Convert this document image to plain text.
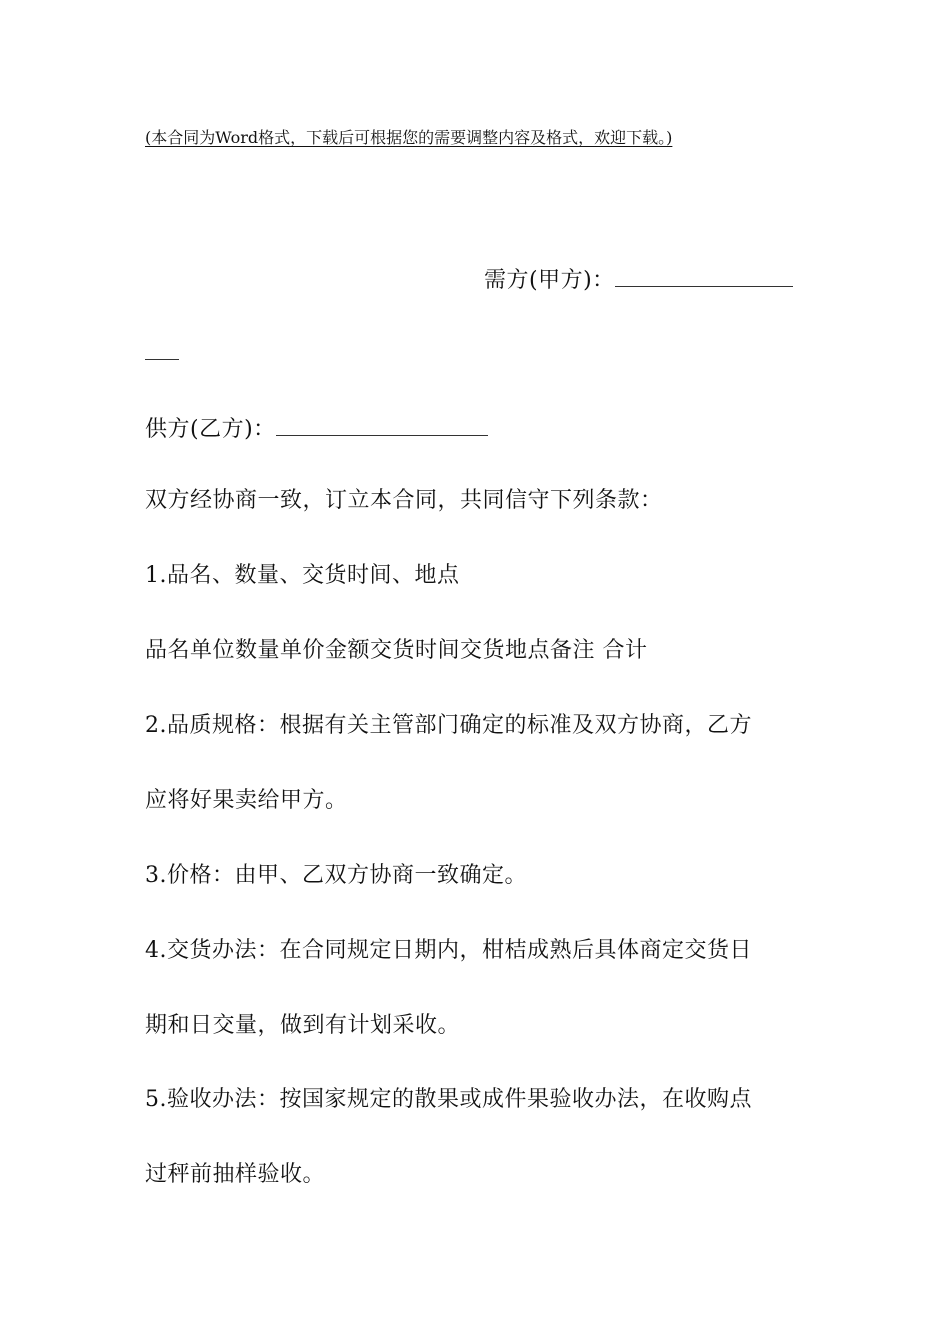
(本合同为Word格式，下载后可根据您的需要调整内容及格式，欢迎下载。)
需方(甲方)：
供方(乙方)：
双方经协商一致，订立本合同，共同信守下列条款：
1.品名、数量、交货时间、地点
品名单位数量单价金额交货时间交货地点备注 合计
2.品质规格：根据有关主管部门确定的标准及双方协商，乙方
应将好果卖给甲方。
3.价格：由甲、乙双方协商一致确定。
4.交货办法：在合同规定日期内，柑桔成熟后具体商定交货日
期和日交量，做到有计划采收。
5.验收办法：按国家规定的散果或成件果验收办法，在收购点
过秤前抽样验收。
